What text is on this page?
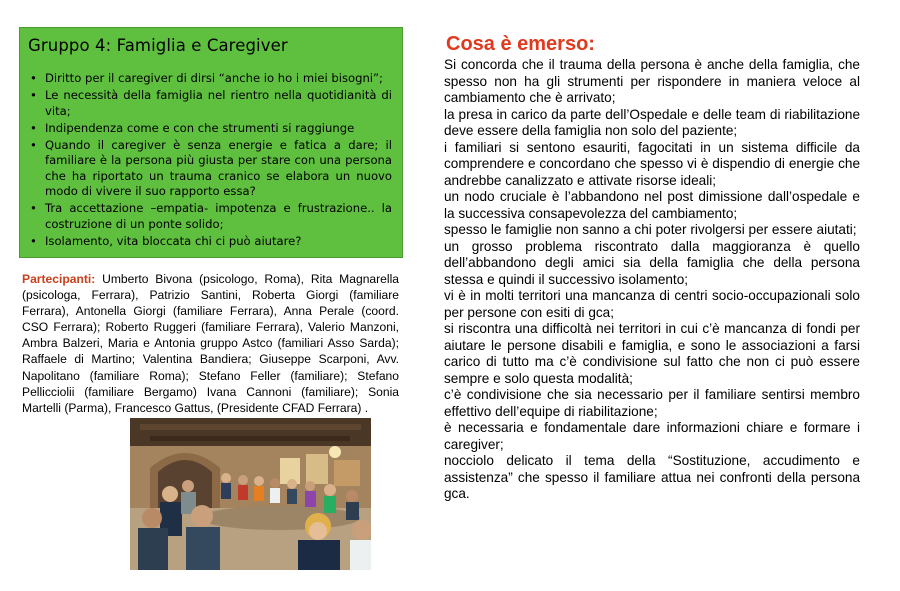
Gruppo 4: Famiglia e Caregiver
• Diritto per il caregiver di dirsi “anche io ho i miei bisogni”;
• Le necessità della famiglia nel rientro nella quotidianità di vita;
• Indipendenza come e con che strumenti si raggiunge
• Quando il caregiver è senza energie e fatica a dare; il familiare è la persona più giusta per stare con una persona che ha riportato un trauma cranico se elabora un nuovo modo di vivere il suo rapporto essa?
• Tra accettazione –empatia- impotenza e frustrazione.. la costruzione di un ponte solido;
• Isolamento, vita bloccata chi ci può aiutare?
Partecipanti: Umberto Bivona (psicologo, Roma), Rita Magnarella (psicologa, Ferrara), Patrizio Santini, Roberta Giorgi (familiare Ferrara), Antonella Giorgi (familiare Ferrara), Anna Perale (coord. CSO Ferrara); Roberto Ruggeri (familiare Ferrara), Valerio Manzoni, Ambra Balzeri, Maria e Antonia gruppo Astco (familiari Asso Sarda); Raffaele di Martino; Valentina Bandiera; Giuseppe Scarponi, Avv. Napolitano (familiare Roma); Stefano Feller (familiare); Stefano Pellicciolii (familiare Bergamo) Ivana Cannoni (familiare); Sonia Martelli (Parma), Francesco Gattus, (Presidente CFAD Ferrara) .
Cosa è emerso:

Si concorda che il trauma della persona è anche della famiglia, che spesso non ha gli strumenti per rispondere in maniera veloce al cambiamento che è arrivato;

la presa in carico da parte dell’Ospedale e delle team di riabilitazione deve essere della famiglia non solo del paziente;

i familiari si sentono esauriti, fagocitati in un sistema difficile da comprendere e concordano che spesso vi è dispendio di energie che andrebbe canalizzato e attivate risorse ideali;

un nodo cruciale è l’abbandono nel post dimissione dall’ospedale e la successiva consapevolezza del cambiamento;

spesso le famiglie non sanno a chi poter rivolgersi per essere aiutati;

un grosso problema riscontrato dalla maggioranza è quello dell’abbandono degli amici sia della famiglia che della persona stessa e quindi il successivo isolamento;

vi è in molti territori una mancanza di centri socio-occupazionali solo per persone con esiti di gca;

si riscontra una difficoltà nei territori in cui c’è mancanza di fondi per aiutare le persone disabili e famiglia, e sono le associazioni a farsi carico di tutto ma c’è condivisione sul fatto che non ci può essere sempre e solo questa modalità;

c’è condivisione che sia necessario per il familiare sentirsi membro effettivo dell’equipe di riabilitazione;

è necessaria e fondamentale dare informazioni chiare e formare i caregiver;

nocciolo delicato il tema della “Sostituzione, accudimento e assistenza” che spesso il familiare attua nei confronti della persona gca.
